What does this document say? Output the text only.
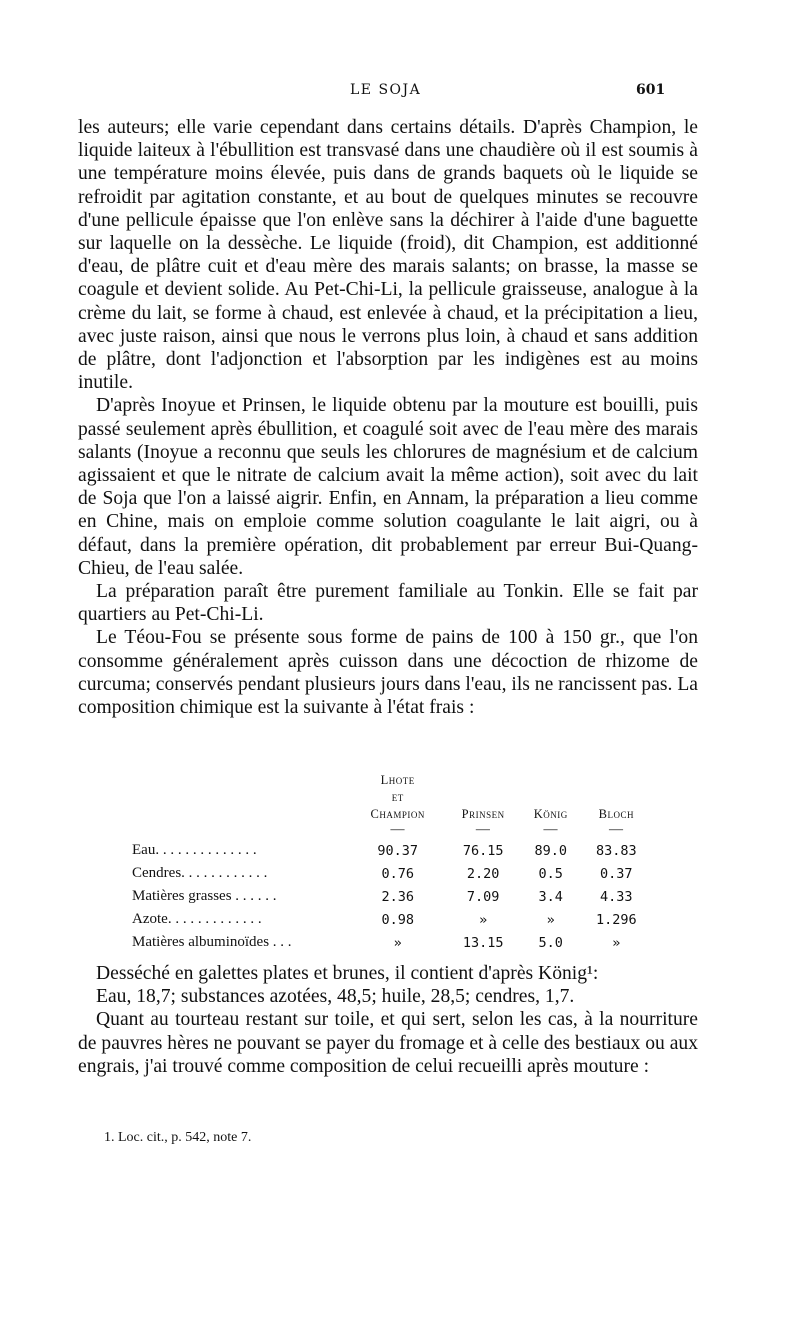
LE SOJA	601

les auteurs; elle varie cependant dans certains détails. D'après Champion, le liquide laiteux à l'ébullition est transvasé dans une chaudière où il est soumis à une température moins élevée, puis dans de grands baquets où le liquide se refroidit par agitation constante, et au bout de quelques minutes se recouvre d'une pellicule épaisse que l'on enlève sans la déchirer à l'aide d'une baguette sur laquelle on la dessèche. Le liquide (froid), dit Champion, est additionné d'eau, de plâtre cuit et d'eau mère des marais salants; on brasse, la masse se coagule et devient solide. Au Pet-Chi-Li, la pellicule graisseuse, analogue à la crème du lait, se forme à chaud, est enlevée à chaud, et la précipitation a lieu, avec juste raison, ainsi que nous le verrons plus loin, à chaud et sans addition de plâtre, dont l'adjonction et l'absorption par les indigènes est au moins inutile.

D'après Inoyue et Prinsen, le liquide obtenu par la mouture est bouilli, puis passé seulement après ébullition, et coagulé soit avec de l'eau mère des marais salants (Inoyue a reconnu que seuls les chlorures de magnésium et de calcium agissaient et que le nitrate de calcium avait la même action), soit avec du lait de Soja que l'on a laissé aigrir. Enfin, en Annam, la préparation a lieu comme en Chine, mais on emploie comme solution coagulante le lait aigri, ou à défaut, dans la première opération, dit probablement par erreur Bui-Quang-Chieu, de l'eau salée.

La préparation paraît être purement familiale au Tonkin. Elle se fait par quartiers au Pet-Chi-Li.

Le Téou-Fou se présente sous forme de pains de 100 à 150 gr., que l'on consomme généralement après cuisson dans une décoction de rhizome de curcuma; conservés pendant plusieurs jours dans l'eau, ils ne rancissent pas. La composition chimique est la suivante à l'état frais :

	Lhote
et
Champion
—	Prinsen
—	König
—	Bloch
—

Eau. . . . . . . . . . . . . .	90.37	76.15	89.0	83.83
Cendres. . . . . . . . . . . .	0.76	2.20	0.5	0.37
Matières grasses . . . . . .	2.36	7.09	3.4	4.33
Azote. . . . . . . . . . . . .	0.98	»	»	1.296
Matières albuminoïdes . . .	»	13.15	5.0	»

Desséché en galettes plates et brunes, il contient d'après König¹:

Eau, 18,7; substances azotées, 48,5; huile, 28,5; cendres, 1,7.

Quant au tourteau restant sur toile, et qui sert, selon les cas, à la nourriture de pauvres hères ne pouvant se payer du fromage et à celle des bestiaux ou aux engrais, j'ai trouvé comme composition de celui recueilli après mouture :

1. Loc. cit., p. 542, note 7.
